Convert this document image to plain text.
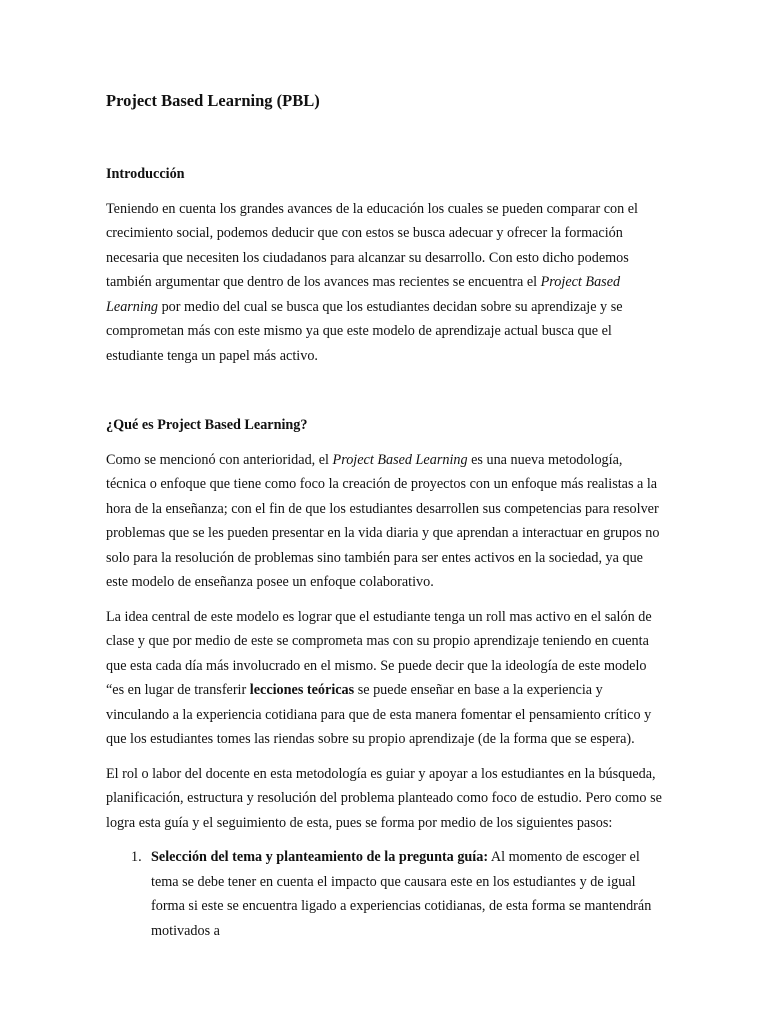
Project Based Learning (PBL)
Introducción

Teniendo en cuenta los grandes avances de la educación los cuales se pueden comparar con el crecimiento social, podemos deducir que con estos se busca adecuar y ofrecer la formación necesaria que necesiten los ciudadanos para alcanzar su desarrollo. Con esto dicho podemos también argumentar que dentro de los avances mas recientes se encuentra el Project Based Learning por medio del cual se busca que los estudiantes decidan sobre su aprendizaje y se comprometan más con este mismo ya que este modelo de aprendizaje actual busca que el estudiante tenga un papel más activo.

¿Qué es Project Based Learning?

Como se mencionó con anterioridad, el Project Based Learning es una nueva metodología, técnica o enfoque que tiene como foco la creación de proyectos con un enfoque más realistas a la hora de la enseñanza; con el fin de que los estudiantes desarrollen sus competencias para resolver problemas que se les pueden presentar en la vida diaria y que aprendan a interactuar en grupos no solo para la resolución de problemas sino también para ser entes activos en la sociedad, ya que este modelo de enseñanza posee un enfoque colaborativo.

La idea central de este modelo es lograr que el estudiante tenga un roll mas activo en el salón de clase y que por medio de este se comprometa mas con su propio aprendizaje teniendo en cuenta que esta cada día más involucrado en el mismo. Se puede decir que la ideología de este modelo “es en lugar de transferir lecciones teóricas se puede enseñar en base a la experiencia y vinculando a la experiencia cotidiana para que de esta manera fomentar el pensamiento crítico y que los estudiantes tomes las riendas sobre su propio aprendizaje (de la forma que se espera).

El rol o labor del docente en esta metodología es guiar y apoyar a los estudiantes en la búsqueda, planificación, estructura y resolución del problema planteado como foco de estudio. Pero como se logra esta guía y el seguimiento de esta, pues se forma por medio de los siguientes pasos:

1. Selección del tema y planteamiento de la pregunta guía: Al momento de escoger el tema se debe tener en cuenta el impacto que causara este en los estudiantes y de igual forma si este se encuentra ligado a experiencias cotidianas, de esta forma se mantendrán motivados a
